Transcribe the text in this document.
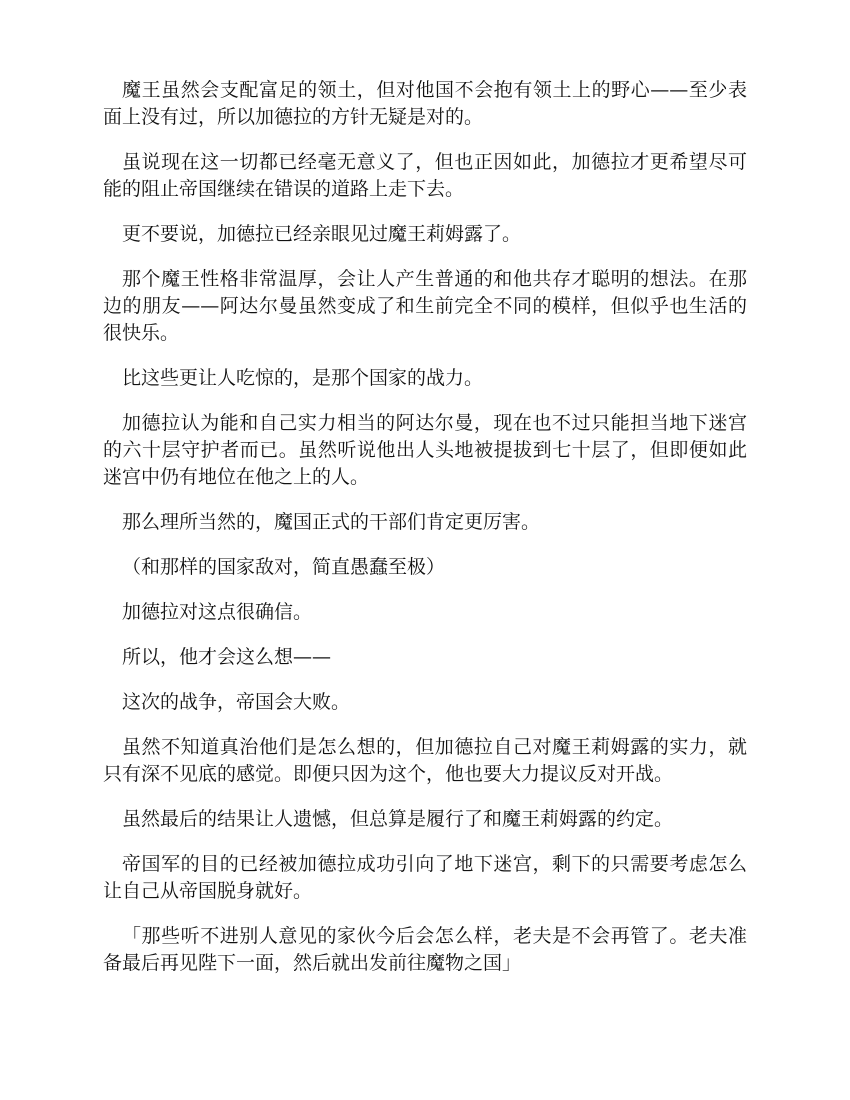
魔王虽然会支配富足的领土，但对他国不会抱有领土上的野心——至少表面上没有过，所以加德拉的方针无疑是对的。

虽说现在这一切都已经毫无意义了，但也正因如此，加德拉才更希望尽可能的阻止帝国继续在错误的道路上走下去。

更不要说，加德拉已经亲眼见过魔王莉姆露了。

那个魔王性格非常温厚，会让人产生普通的和他共存才聪明的想法。在那边的朋友——阿达尔曼虽然变成了和生前完全不同的模样，但似乎也生活的很快乐。

比这些更让人吃惊的，是那个国家的战力。

加德拉认为能和自己实力相当的阿达尔曼，现在也不过只能担当地下迷宫的六十层守护者而已。虽然听说他出人头地被提拔到七十层了，但即便如此迷宫中仍有地位在他之上的人。

那么理所当然的，魔国正式的干部们肯定更厉害。

（和那样的国家敌对，简直愚蠢至极）

加德拉对这点很确信。

所以，他才会这么想——

这次的战争，帝国会大败。

虽然不知道真治他们是怎么想的，但加德拉自己对魔王莉姆露的实力，就只有深不见底的感觉。即便只因为这个，他也要大力提议反对开战。

虽然最后的结果让人遗憾，但总算是履行了和魔王莉姆露的约定。

帝国军的目的已经被加德拉成功引向了地下迷宫，剩下的只需要考虑怎么让自己从帝国脱身就好。

「那些听不进别人意见的家伙今后会怎么样，老夫是不会再管了。老夫准备最后再见陛下一面，然后就出发前往魔物之国」
